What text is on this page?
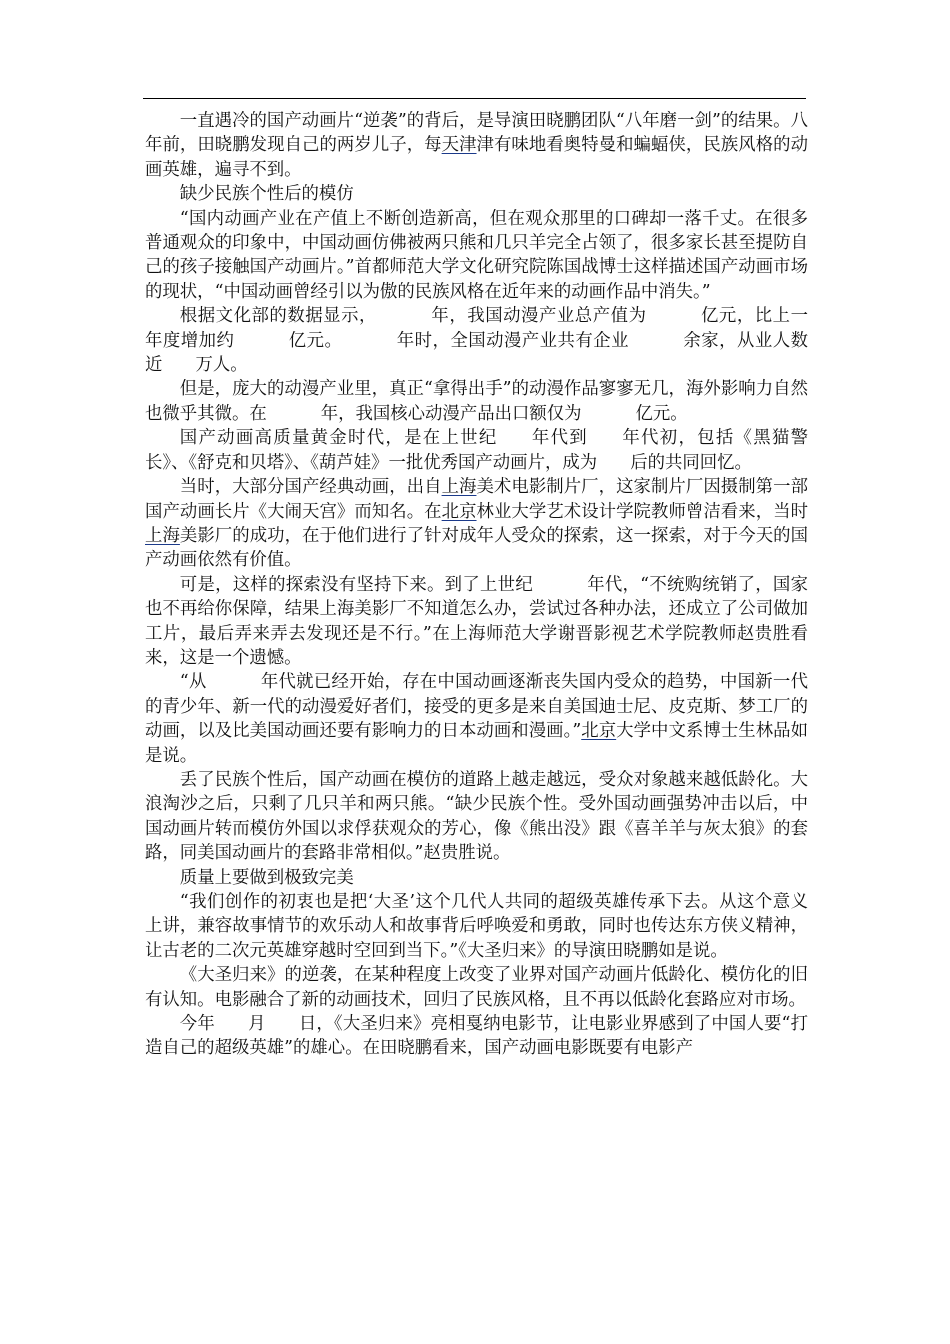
一直遇冷的国产动画片“逆袭”的背后，是导演田晓鹏团队“八年磨一剑”的结果。八年前，田晓鹏发现自己的两岁儿子，每天津津有味地看奥特曼和蝙蝠侠，民族风格的动画英雄，遍寻不到。

缺少民族个性后的模仿

“国内动画产业在产值上不断创造新高，但在观众那里的口碑却一落千丈。在很多普通观众的印象中，中国动画仿佛被两只熊和几只羊完全占领了，很多家长甚至提防自己的孩子接触国产动画片。”首都师范大学文化研究院陈国战博士这样描述国产动画市场的现状，“中国动画曾经引以为傲的民族风格在近年来的动画作品中消失。”

根据文化部的数据显示，	年，我国动漫产业总产值为	亿元，比上一年度增加约	亿元。	年时，全国动漫产业共有企业	余家，从业人数近 万人。

但是，庞大的动漫产业里，真正“拿得出手”的动漫作品寥寥无几，海外影响力自然也微乎其微。在	年，我国核心动漫产品出口额仅为	亿元。

国产动画高质量黄金时代，是在上世纪 年代到 年代初，包括《黑猫警长》、《舒克和贝塔》、《葫芦娃》一批优秀国产动画片，成为 后的共同回忆。

当时，大部分国产经典动画，出自上海美术电影制片厂，这家制片厂因摄制第一部国产动画长片《大闹天宫》而知名。在北京林业大学艺术设计学院教师曾洁看来，当时上海美影厂的成功，在于他们进行了针对成年人受众的探索，这一探索，对于今天的国产动画依然有价值。

可是，这样的探索没有坚持下来。到了上世纪	年代，“不统购统销了，国家也不再给你保障，结果上海美影厂不知道怎么办，尝试过各种办法，还成立了公司做加工片，最后弄来弄去发现还是不行。”在上海师范大学谢晋影视艺术学院教师赵贵胜看来，这是一个遗憾。

“从	年代就已经开始，存在中国动画逐渐丧失国内受众的趋势，中国新一代的青少年、新一代的动漫爱好者们，接受的更多是来自美国迪士尼、皮克斯、梦工厂的动画，以及比美国动画还要有影响力的日本动画和漫画。”北京大学中文系博士生林品如是说。

丢了民族个性后，国产动画在模仿的道路上越走越远，受众对象越来越低龄化。大浪淘沙之后，只剩了几只羊和两只熊。“缺少民族个性。受外国动画强势冲击以后，中国动画片转而模仿外国以求俘获观众的芳心，像《熊出没》跟《喜羊羊与灰太狼》的套路，同美国动画片的套路非常相似。”赵贵胜说。

质量上要做到极致完美

“我们创作的初衷也是把‘大圣’这个几代人共同的超级英雄传承下去。从这个意义上讲，兼容故事情节的欢乐动人和故事背后呼唤爱和勇敢，同时也传达东方侠义精神，让古老的二次元英雄穿越时空回到当下。”《大圣归来》的导演田晓鹏如是说。

《大圣归来》的逆袭，在某种程度上改变了业界对国产动画片低龄化、模仿化的旧有认知。电影融合了新的动画技术，回归了民族风格，且不再以低龄化套路应对市场。

今年 月 日，《大圣归来》亮相戛纳电影节，让电影业界感到了中国人要“打造自己的超级英雄”的雄心。在田晓鹏看来，国产动画电影既要有电影产
